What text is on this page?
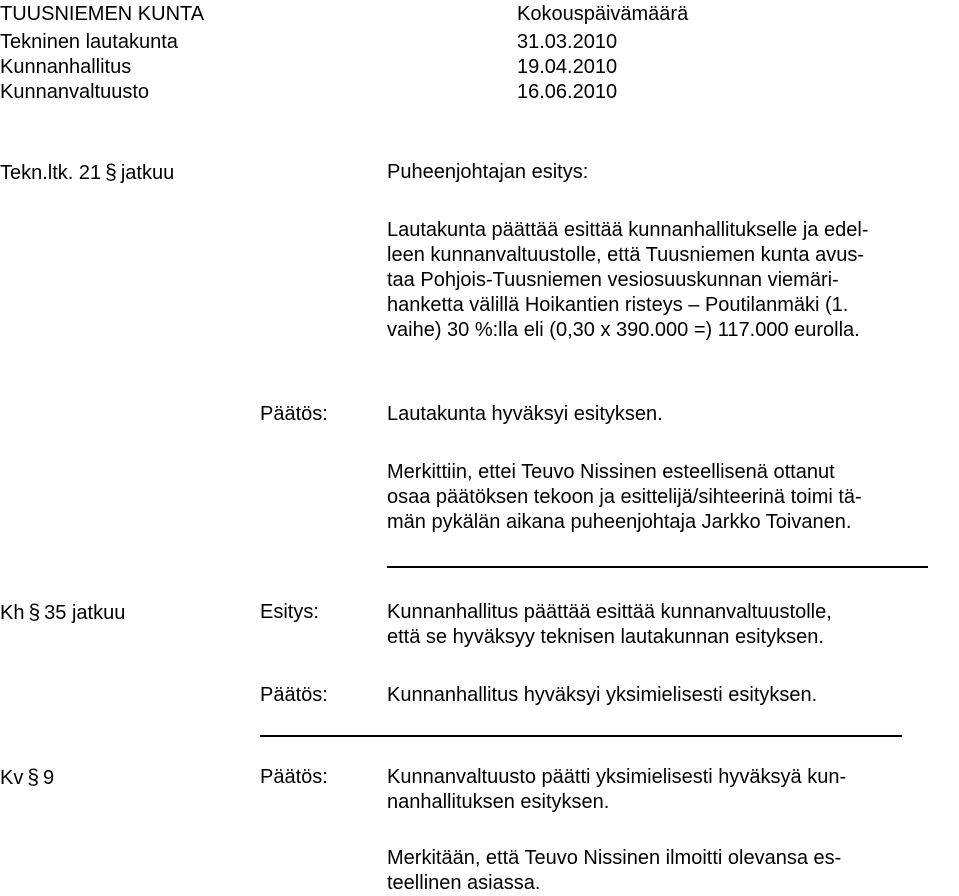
TUUSNIEMEN KUNTA	Kokouspäivämäärä
Tekninen lautakunta	31.03.2010
Kunnanhallitus	19.04.2010
Kunnanvaltuusto	16.06.2010
Tekn.ltk. 21 § jatkuu	Puheenjohtajan esitys:
Lautakunta päättää esittää kunnanhallitukselle ja edel-
leen kunnanvaltuustolle, että Tuusniemen kunta avus-
taa Pohjois-Tuusniemen vesiosuuskunnan viemäri-
hanketta välillä Hoikantien risteys – Poutilanmäki (1.
vaihe) 30 %:lla eli (0,30 x 390.000 =) 117.000 eurolla.
Päätös:	Lautakunta hyväksyi esityksen.
Merkittiin, ettei Teuvo Nissinen esteellisenä ottanut
osaa päätöksen tekoon ja esittelijä/sihteerinä toimi tä-
män pykälän aikana puheenjohtaja Jarkko Toivanen.
Kh § 35 jatkuu	Esitys:	Kunnanhallitus päättää esittää kunnanvaltuustolle,
että se hyväksyy teknisen lautakunnan esityksen.
Päätös:	Kunnanhallitus hyväksyi yksimielisesti esityksen.
Kv § 9	Päätös:	Kunnanvaltuusto päätti yksimielisesti hyväksyä kun-
nanhallituksen esityksen.
Merkitään, että Teuvo Nissinen ilmoitti olevansa es-
teellinen asiassa.
